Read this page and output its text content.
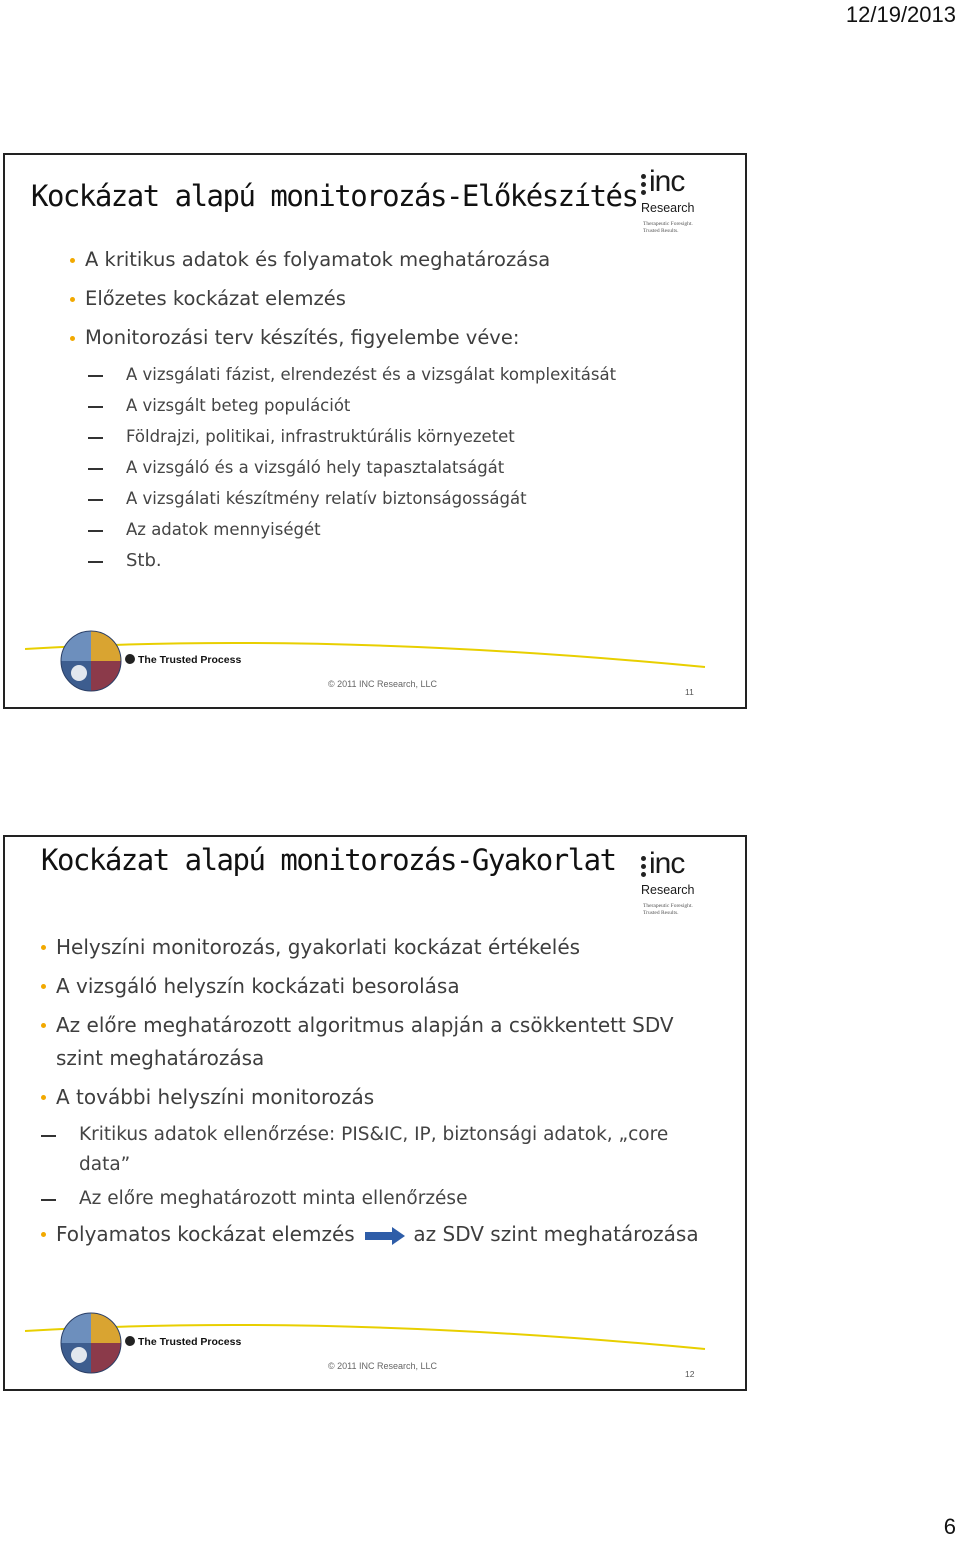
12/19/2013
Kockázat alapú monitorozás-Előkészítés inc
Research
Therapeutic Foresight.
Trusted Results.
A kritikus adatok és folyamatok meghatározása
Előzetes kockázat elemzés
Monitorozási terv készítés, figyelembe véve:
A vizsgálati fázist, elrendezést és a vizsgálat komplexitását
A vizsgált beteg populációt
Földrajzi, politikai, infrastruktúrális környezetet
A vizsgáló és a vizsgáló hely tapasztalatságát
A vizsgálati készítmény relatív biztonságosságát
Az adatok mennyiségét
Stb.
The Trusted Process
© 2011 INC Research, LLC
11
Kockázat alapú monitorozás-Gyakorlat inc
Research
Therapeutic Foresight.
Trusted Results.
Helyszíni monitorozás, gyakorlati kockázat értékelés
A vizsgáló helyszín kockázati besorolása
Az előre meghatározott algoritmus alapján a csökkentett SDV szint meghatározása
A további helyszíni monitorozás
Kritikus adatok ellenőrzése: PIS&IC, IP, biztonsági adatok, „core data”
Az előre meghatározott minta ellenőrzése
Folyamatos kockázat elemzés	az SDV szint meghatározása
The Trusted Process
© 2011 INC Research, LLC
12
6
